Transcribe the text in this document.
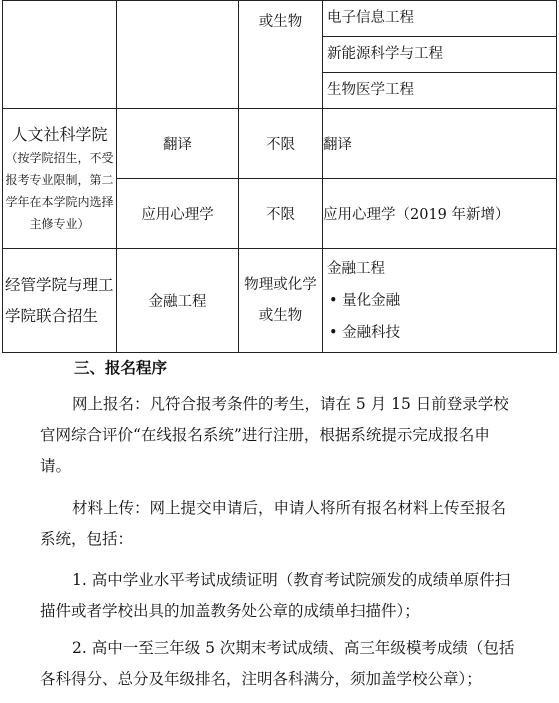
		或生物	电子信息工程
新能源科学与工程
生物医学工程

人文社科学院
（按学院招生，不受报考专业限制，第二学年在本学院内选择主修专业）	翻译	不限	翻译
	应用心理学	不限	应用心理学（2019 年新增）
经管学院与理工学院联合招生	金融工程	物理或化学或生物	金融工程
• 量化金融
• 金融科技
三、报名程序

网上报名：凡符合报考条件的考生，请在 5 月 15 日前登录学校官网综合评价“在线报名系统”进行注册，根据系统提示完成报名申请。

材料上传：网上提交申请后，申请人将所有报名材料上传至报名系统，包括：

1. 高中学业水平考试成绩证明（教育考试院颁发的成绩单原件扫描件或者学校出具的加盖教务处公章的成绩单扫描件）；

2. 高中一至三年级 5 次期末考试成绩、高三年级模考成绩（包括各科得分、总分及年级排名，注明各科满分，须加盖学校公章）；
